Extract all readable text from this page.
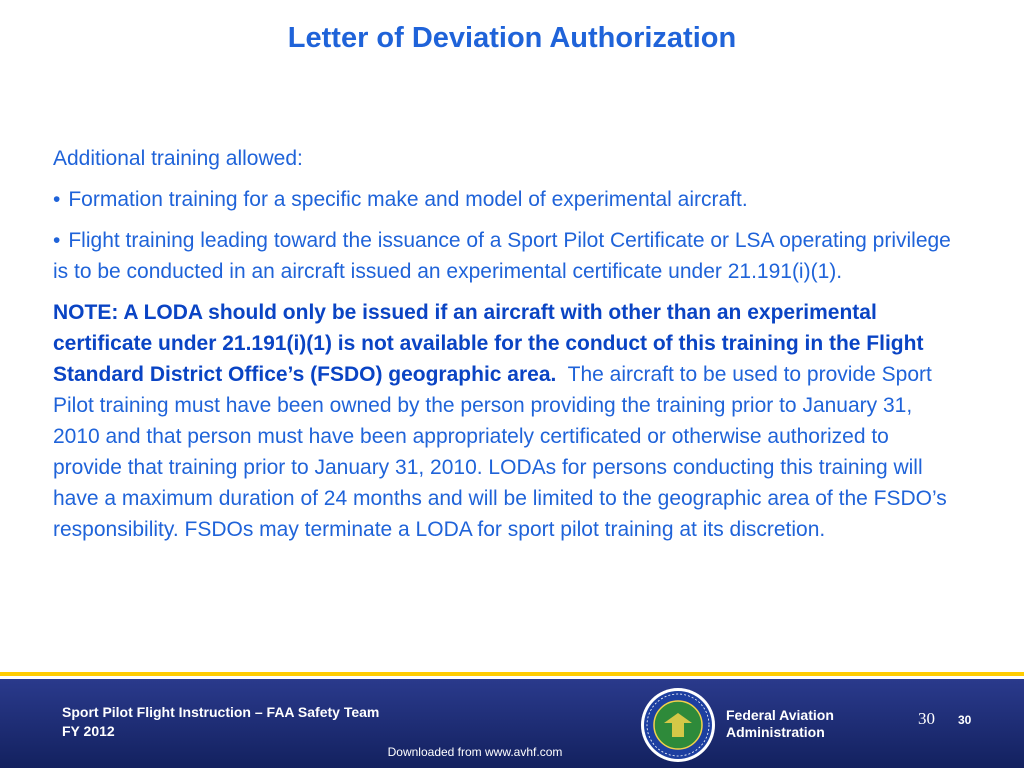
Letter of Deviation Authorization

Additional training allowed:

• Formation training for a specific make and model of experimental aircraft.

• Flight training leading toward the issuance of a Sport Pilot Certificate or LSA operating privilege is to be conducted in an aircraft issued an experimental certificate under 21.191(i)(1).

NOTE: A LODA should only be issued if an aircraft with other than an experimental certificate under 21.191(i)(1) is not available for the conduct of this training in the Flight Standard District Office’s (FSDO) geographic area. The aircraft to be used to provide Sport Pilot training must have been owned by the person providing the training prior to January 31, 2010 and that person must have been appropriately certificated or otherwise authorized to provide that training prior to January 31, 2010. LODAs for persons conducting this training will have a maximum duration of 24 months and will be limited to the geographic area of the FSDO’s responsibility. FSDOs may terminate a LODA for sport pilot training at its discretion.

Sport Pilot Flight Instruction – FAA Safety Team
FY 2012
Downloaded from www.avhf.com
Federal Aviation
Administration
30 30
